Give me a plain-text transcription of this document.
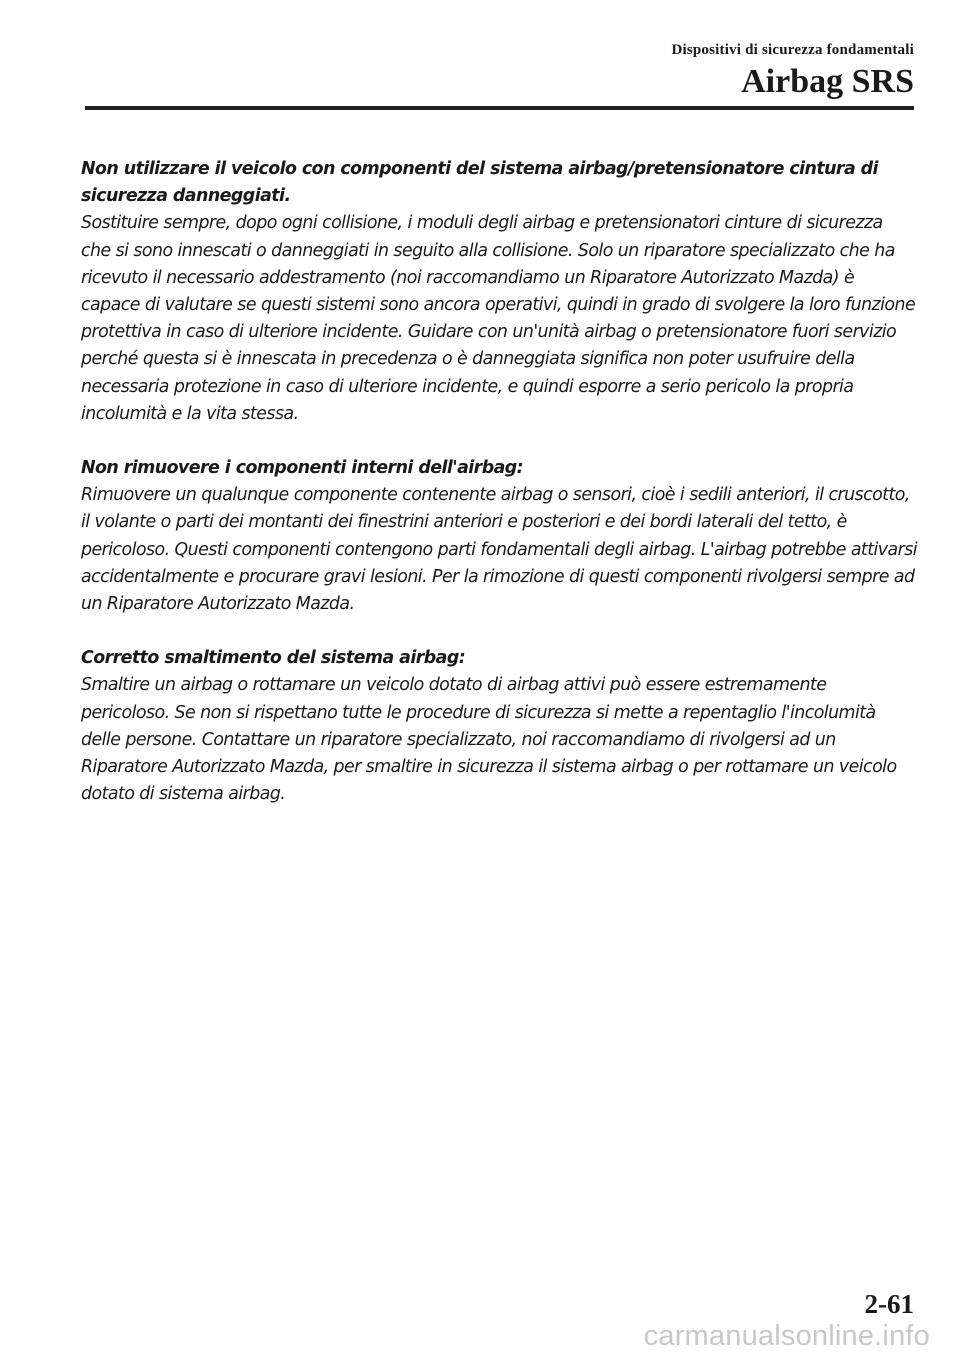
Dispositivi di sicurezza fondamentali
Airbag SRS
Non utilizzare il veicolo con componenti del sistema airbag/pretensionatore cintura di sicurezza danneggiati.
Sostituire sempre, dopo ogni collisione, i moduli degli airbag e pretensionatori cinture di sicurezza che si sono innescati o danneggiati in seguito alla collisione. Solo un riparatore specializzato che ha ricevuto il necessario addestramento (noi raccomandiamo un Riparatore Autorizzato Mazda) è capace di valutare se questi sistemi sono ancora operativi, quindi in grado di svolgere la loro funzione protettiva in caso di ulteriore incidente. Guidare con un'unità airbag o pretensionatore fuori servizio perché questa si è innescata in precedenza o è danneggiata significa non poter usufruire della necessaria protezione in caso di ulteriore incidente, e quindi esporre a serio pericolo la propria incolumità e la vita stessa.
Non rimuovere i componenti interni dell'airbag:
Rimuovere un qualunque componente contenente airbag o sensori, cioè i sedili anteriori, il cruscotto, il volante o parti dei montanti dei finestrini anteriori e posteriori e dei bordi laterali del tetto, è pericoloso. Questi componenti contengono parti fondamentali degli airbag. L'airbag potrebbe attivarsi accidentalmente e procurare gravi lesioni. Per la rimozione di questi componenti rivolgersi sempre ad un Riparatore Autorizzato Mazda.
Corretto smaltimento del sistema airbag:
Smaltire un airbag o rottamare un veicolo dotato di airbag attivi può essere estremamente pericoloso. Se non si rispettano tutte le procedure di sicurezza si mette a repentaglio l'incolumità delle persone. Contattare un riparatore specializzato, noi raccomandiamo di rivolgersi ad un Riparatore Autorizzato Mazda, per smaltire in sicurezza il sistema airbag o per rottamare un veicolo dotato di sistema airbag.
2-61
carmanualsonline.info
